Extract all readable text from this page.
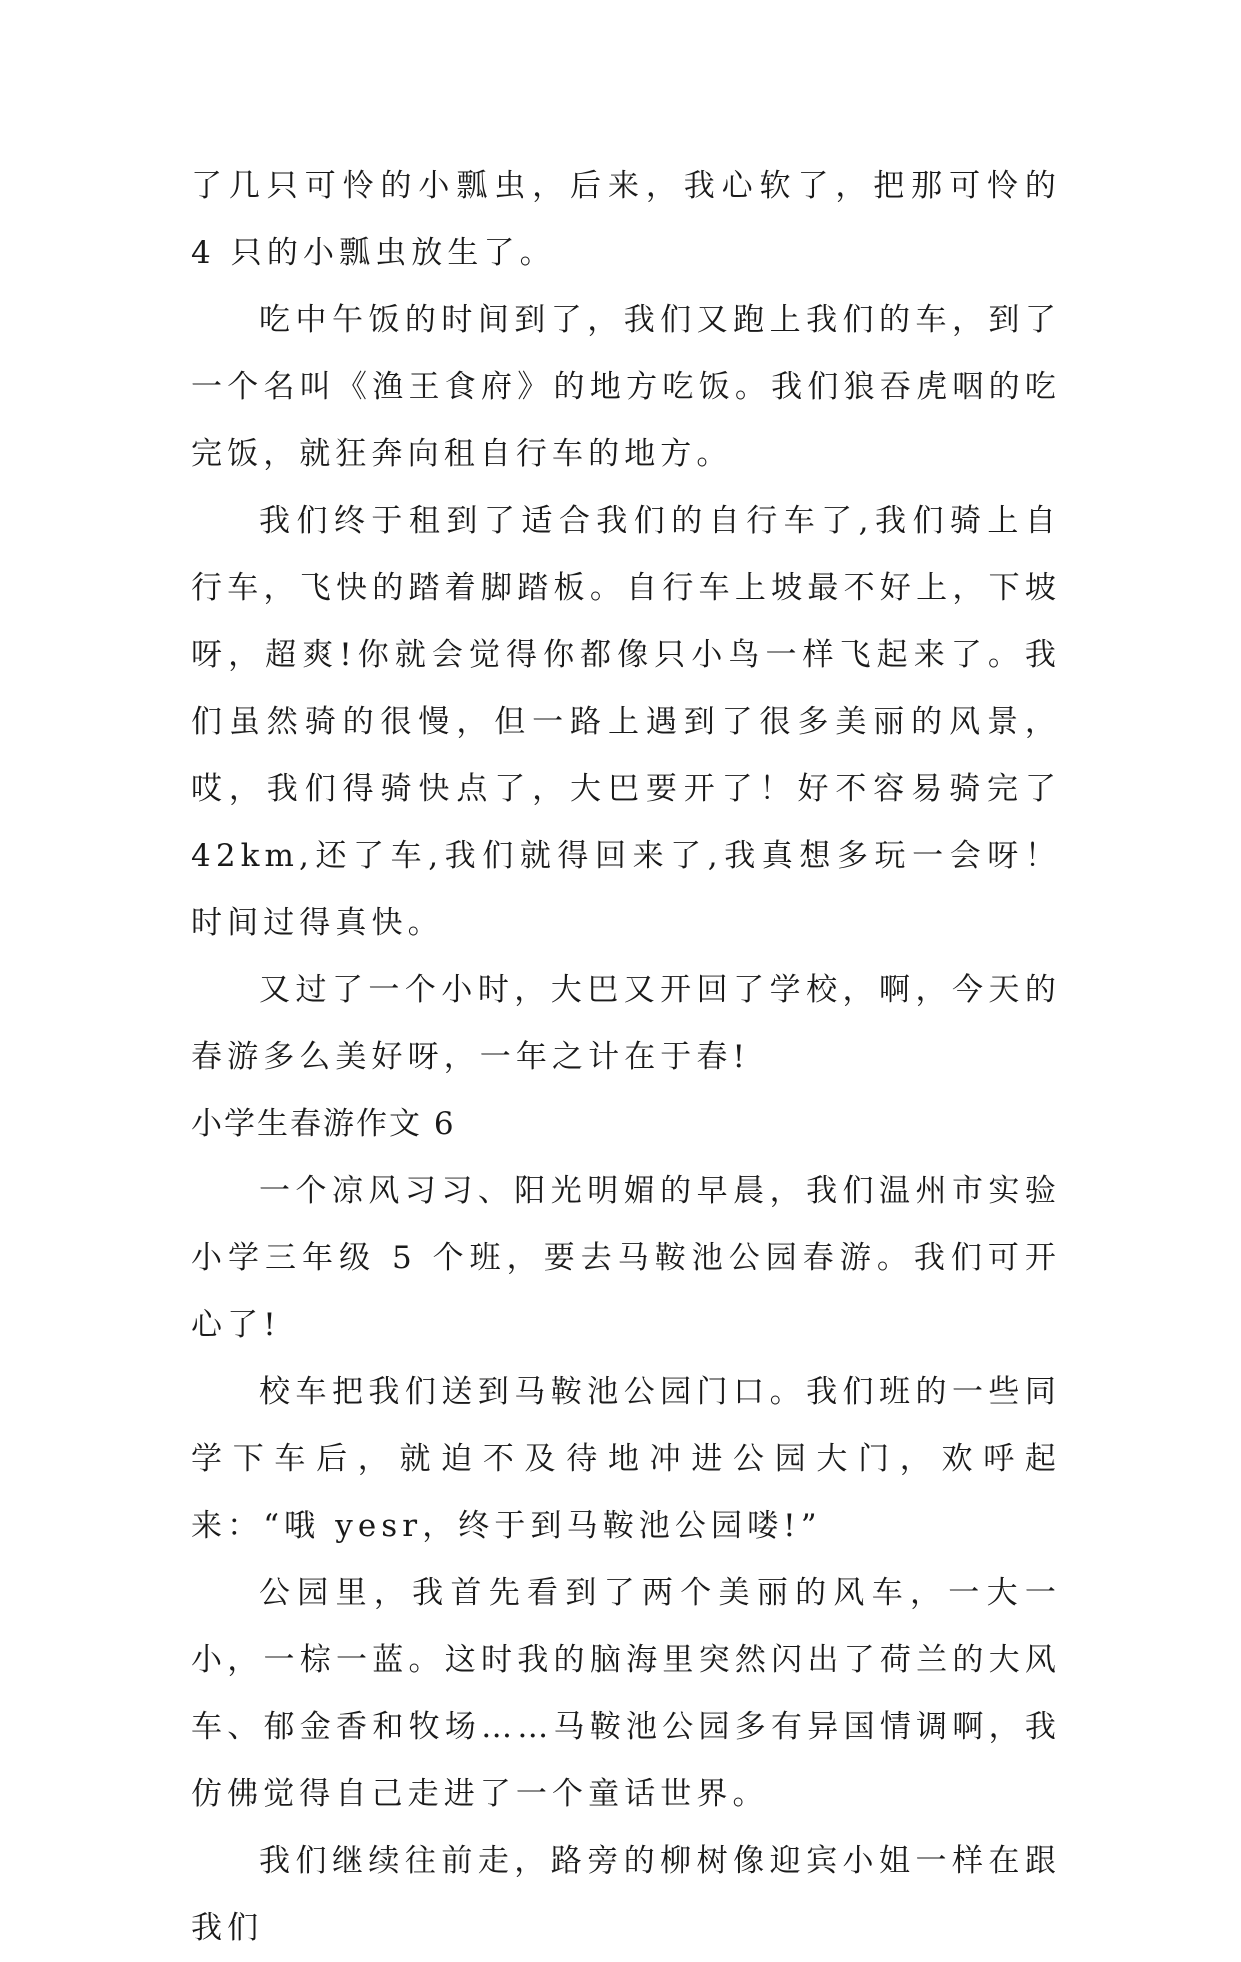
了几只可怜的小瓢虫，后来，我心软了，把那可怜的 4 只的小瓢虫放生了。

吃中午饭的时间到了，我们又跑上我们的车，到了一个名叫《渔王食府》的地方吃饭。我们狼吞虎咽的吃完饭，就狂奔向租自行车的地方。

我们终于租到了适合我们的自行车了,我们骑上自行车，飞快的踏着脚踏板。自行车上坡最不好上，下坡呀，超爽!你就会觉得你都像只小鸟一样飞起来了。我们虽然骑的很慢，但一路上遇到了很多美丽的风景，哎，我们得骑快点了，大巴要开了！好不容易骑完了 42km,还了车,我们就得回来了,我真想多玩一会呀！时间过得真快。

又过了一个小时，大巴又开回了学校，啊，今天的春游多么美好呀，一年之计在于春!

小学生春游作文 6

一个凉风习习、阳光明媚的早晨，我们温州市实验小学三年级 5 个班，要去马鞍池公园春游。我们可开心了!

校车把我们送到马鞍池公园门口。我们班的一些同学下车后，就迫不及待地冲进公园大门，欢呼起来：“哦 yesr，终于到马鞍池公园喽!”

公园里，我首先看到了两个美丽的风车，一大一小，一棕一蓝。这时我的脑海里突然闪出了荷兰的大风车、郁金香和牧场……马鞍池公园多有异国情调啊，我仿佛觉得自己走进了一个童话世界。

我们继续往前走，路旁的柳树像迎宾小姐一样在跟我们
